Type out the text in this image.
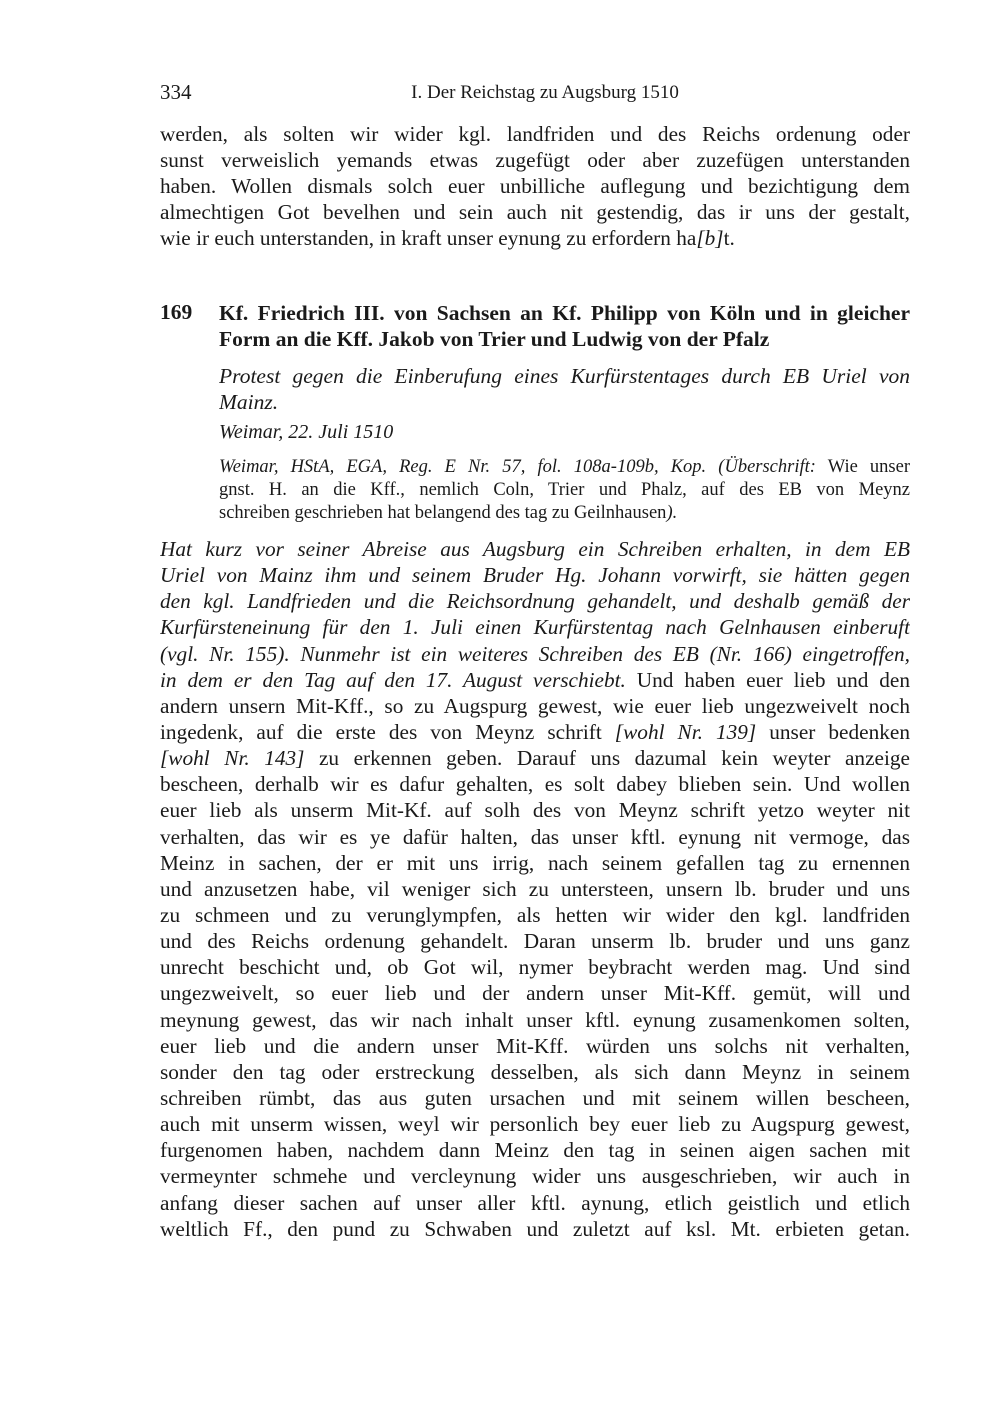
334	I. Der Reichstag zu Augsburg 1510
werden, als solten wir wider kgl. landfriden und des Reichs ordenung oder
sunst verweislich yemands etwas zugefügt oder aber zuzefügen unterstanden
haben. Wollen dismals solch euer unbilliche auflegung und bezichtigung dem
almechtigen Got bevelhen und sein auch nit gestendig, das ir uns der gestalt,
wie ir euch unterstanden, in kraft unser eynung zu erfordern ha[b]t.
169 Kf. Friedrich III. von Sachsen an Kf. Philipp von Köln und in gleicher
Form an die Kff. Jakob von Trier und Ludwig von der Pfalz
Protest gegen die Einberufung eines Kurfürstentages durch EB Uriel von
Mainz.
Weimar, 22. Juli 1510
Weimar, HStA, EGA, Reg. E Nr. 57, fol. 108a-109b, Kop. (Überschrift: Wie unser
gnst. H. an die Kff., nemlich Coln, Trier und Phalz, auf des EB von Meynz
schreiben geschrieben hat belangend des tag zu Geilnhausen).
Hat kurz vor seiner Abreise aus Augsburg ein Schreiben erhalten, in dem EB
Uriel von Mainz ihm und seinem Bruder Hg. Johann vorwirft, sie hätten gegen
den kgl. Landfrieden und die Reichsordnung gehandelt, und deshalb gemäß der
Kurfürsteneinung für den 1. Juli einen Kurfürstentag nach Gelnhausen einberuft
(vgl. Nr. 155). Nunmehr ist ein weiteres Schreiben des EB (Nr. 166) eingetroffen,
in dem er den Tag auf den 17. August verschiebt. Und haben euer lieb und den
andern unsern Mit-Kff., so zu Augspurg gewest, wie euer lieb ungezweivelt noch
ingedenk, auf die erste des von Meynz schrift [wohl Nr. 139] unser bedenken
[wohl Nr. 143] zu erkennen geben. Darauf uns dazumal kein weyter anzeige
bescheen, derhalb wir es dafur gehalten, es solt dabey blieben sein. Und wollen
euer lieb als unserm Mit-Kf. auf solh des von Meynz schrift yetzo weyter nit
verhalten, das wir es ye dafür halten, das unser kftl. eynung nit vermoge, das
Meinz in sachen, der er mit uns irrig, nach seinem gefallen tag zu ernennen
und anzusetzen habe, vil weniger sich zu untersteen, unsern lb. bruder und uns
zu schmeen und zu verunglympfen, als hetten wir wider den kgl. landfriden
und des Reichs ordenung gehandelt. Daran unserm lb. bruder und uns ganz
unrecht beschicht und, ob Got wil, nymer beybracht werden mag. Und sind
ungezweivelt, so euer lieb und der andern unser Mit-Kff. gemüt, will und
meynung gewest, das wir nach inhalt unser kftl. eynung zusamenkomen solten,
euer lieb und die andern unser Mit-Kff. würden uns solchs nit verhalten,
sonder den tag oder erstreckung desselben, als sich dann Meynz in seinem
schreiben rümbt, das aus guten ursachen und mit seinem willen bescheen,
auch mit unserm wissen, weyl wir personlich bey euer lieb zu Augspurg gewest,
furgenomen haben, nachdem dann Meinz den tag in seinen aigen sachen mit
vermeynter schmehe und vercleynung wider uns ausgeschrieben, wir auch in
anfang dieser sachen auf unser aller kftl. aynung, etlich geistlich und etlich
weltlich Ff., den pund zu Schwaben und zuletzt auf ksl. Mt. erbieten getan.
